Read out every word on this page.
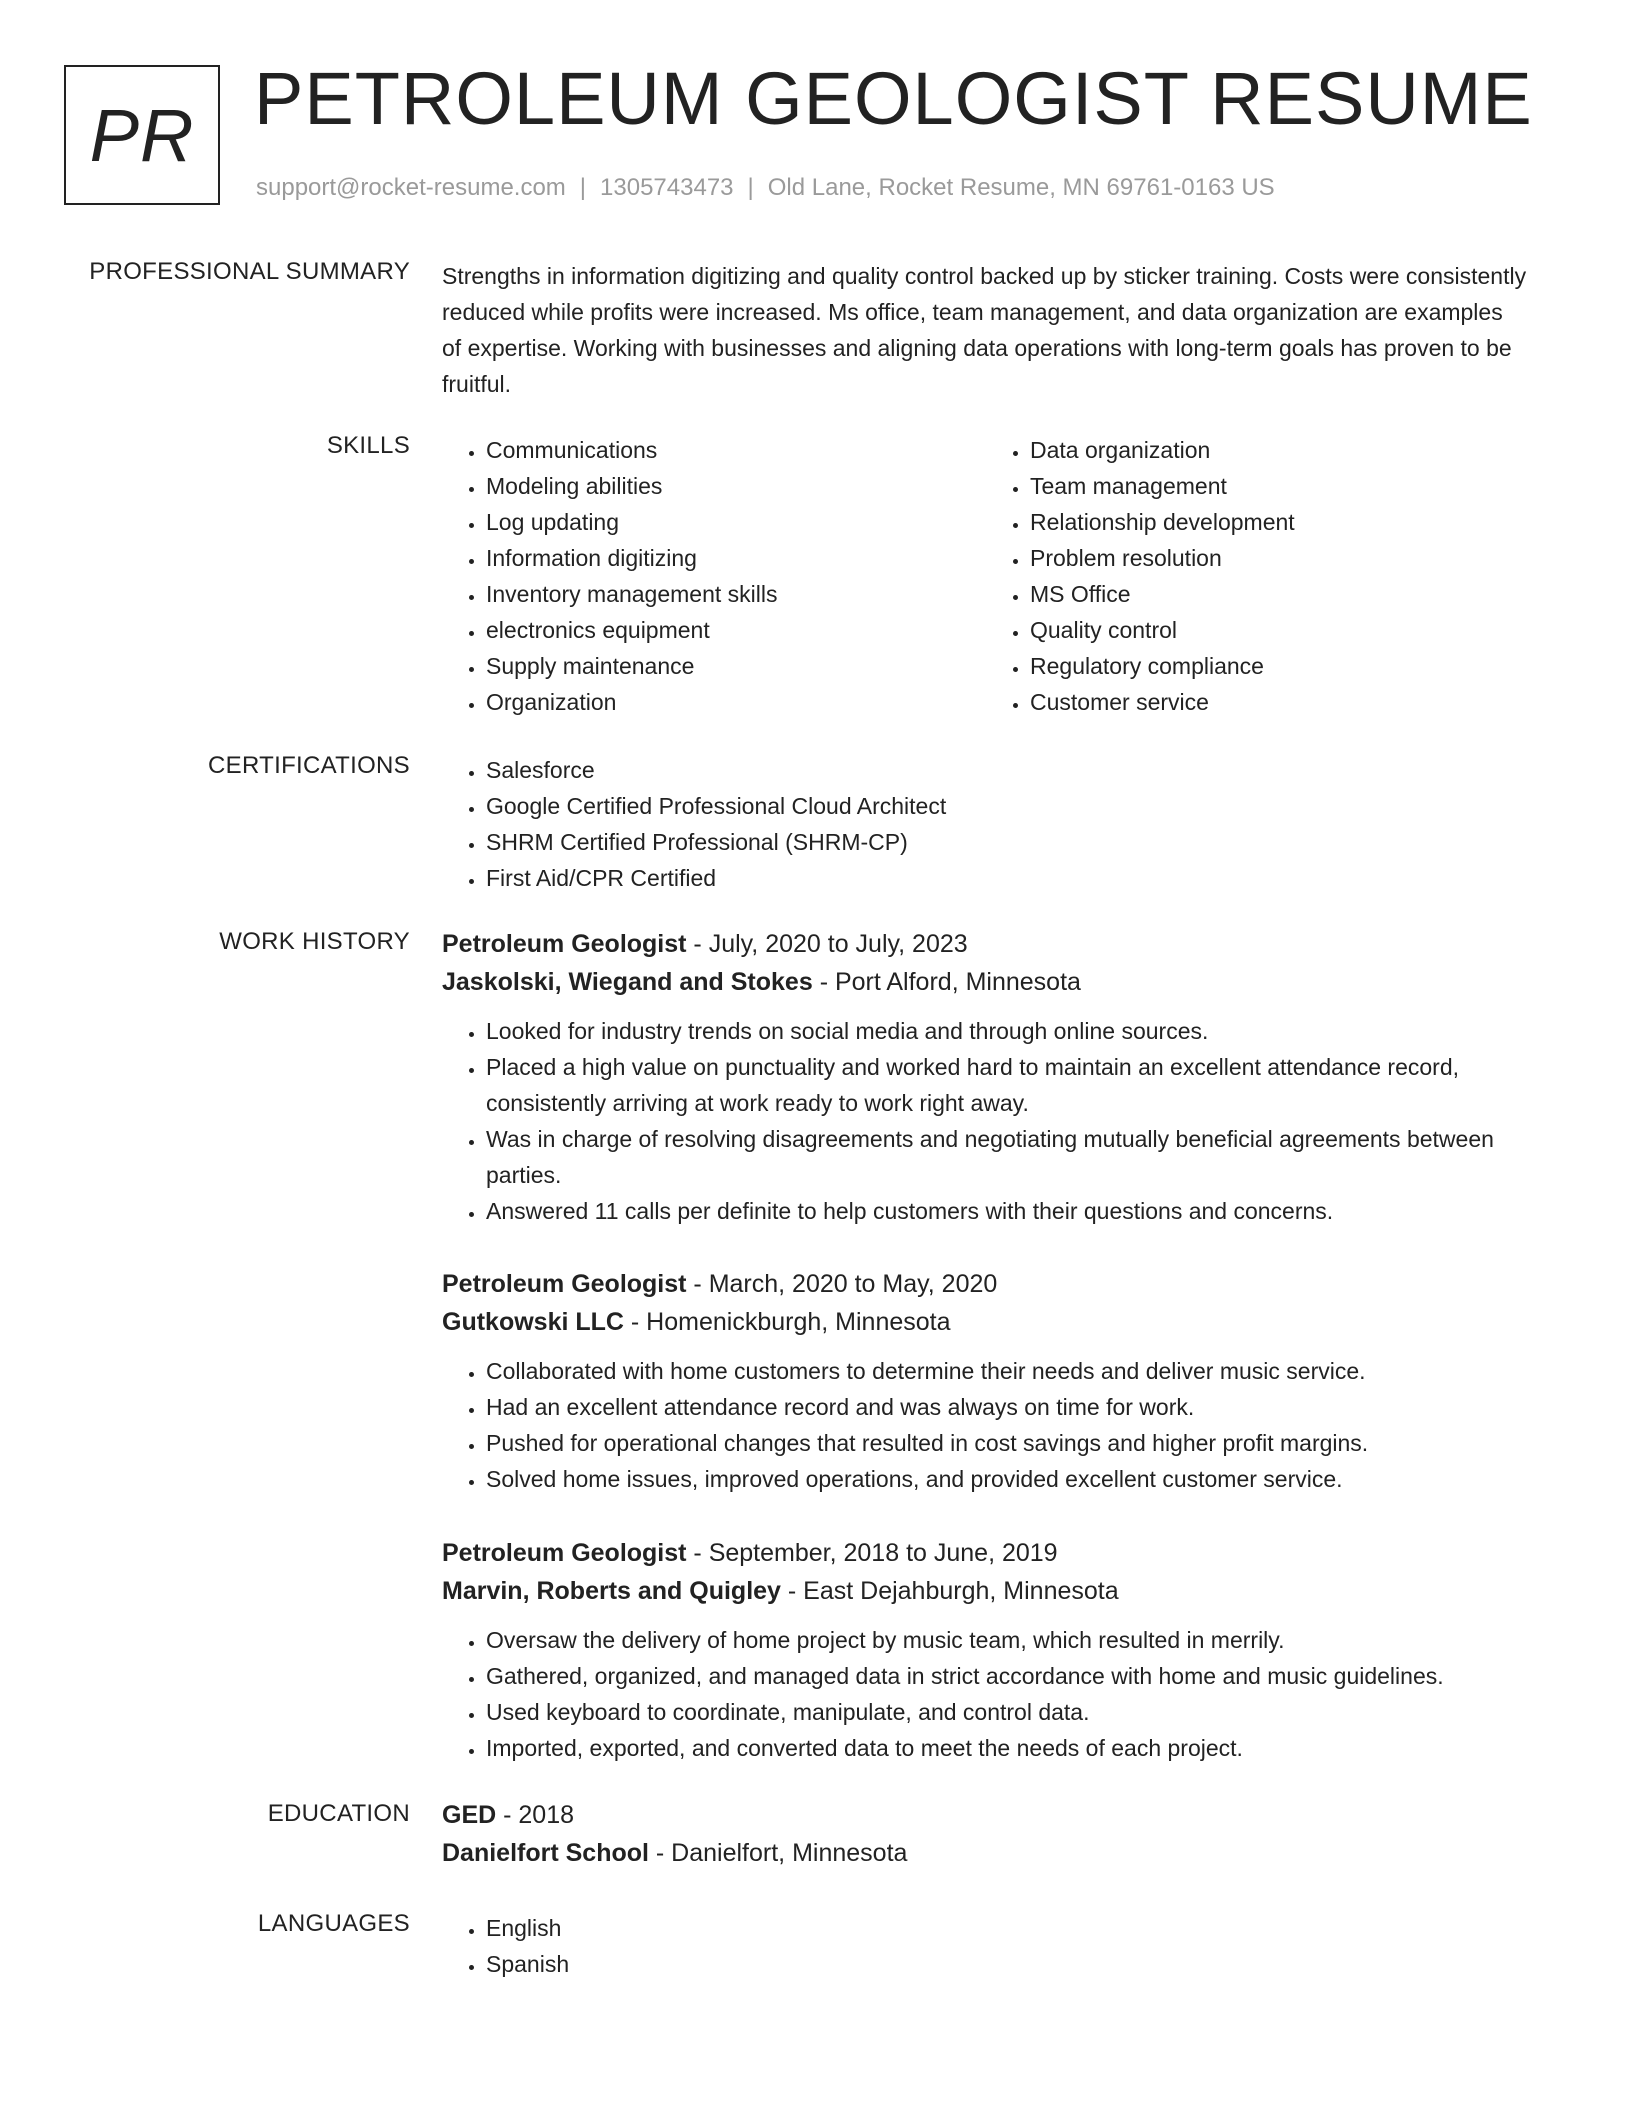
PR PETROLEUM GEOLOGIST RESUME
support@rocket-resume.com | 1305743473 | Old Lane, Rocket Resume, MN 69761-0163 US
PROFESSIONAL SUMMARY Strengths in information digitizing and quality control backed up by sticker training. Costs were consistently reduced while profits were increased. Ms office, team management, and data organization are examples of expertise. Working with businesses and aligning data operations with long-term goals has proven to be fruitful.

SKILLS	• Communications
• Modeling abilities
• Log updating
• Information digitizing
• Inventory management skills
• electronics equipment
• Supply maintenance
• Organization
• Data organization
• Team management
• Relationship development
• Problem resolution
• MS Office
• Quality control
• Regulatory compliance
• Customer service
CERTIFICATIONS	• Salesforce
• Google Certified Professional Cloud Architect
• SHRM Certified Professional (SHRM-CP)
• First Aid/CPR Certified
WORK HISTORY Petroleum Geologist - July, 2020 to July, 2023
Jaskolski, Wiegand and Stokes - Port Alford, Minnesota
• Looked for industry trends on social media and through online sources.
• Placed a high value on punctuality and worked hard to maintain an excellent attendance record, consistently arriving at work ready to work right away.
• Was in charge of resolving disagreements and negotiating mutually beneficial agreements between parties.
• Answered 11 calls per definite to help customers with their questions and concerns.
Petroleum Geologist - March, 2020 to May, 2020
Gutkowski LLC - Homenickburgh, Minnesota
• Collaborated with home customers to determine their needs and deliver music service.
• Had an excellent attendance record and was always on time for work.
• Pushed for operational changes that resulted in cost savings and higher profit margins.
• Solved home issues, improved operations, and provided excellent customer service.
Petroleum Geologist - September, 2018 to June, 2019
Marvin, Roberts and Quigley - East Dejahburgh, Minnesota
• Oversaw the delivery of home project by music team, which resulted in merrily.
• Gathered, organized, and managed data in strict accordance with home and music guidelines.
• Used keyboard to coordinate, manipulate, and control data.
• Imported, exported, and converted data to meet the needs of each project.
EDUCATION GED - 2018
Danielfort School - Danielfort, Minnesota
LANGUAGES	• English
• Spanish
